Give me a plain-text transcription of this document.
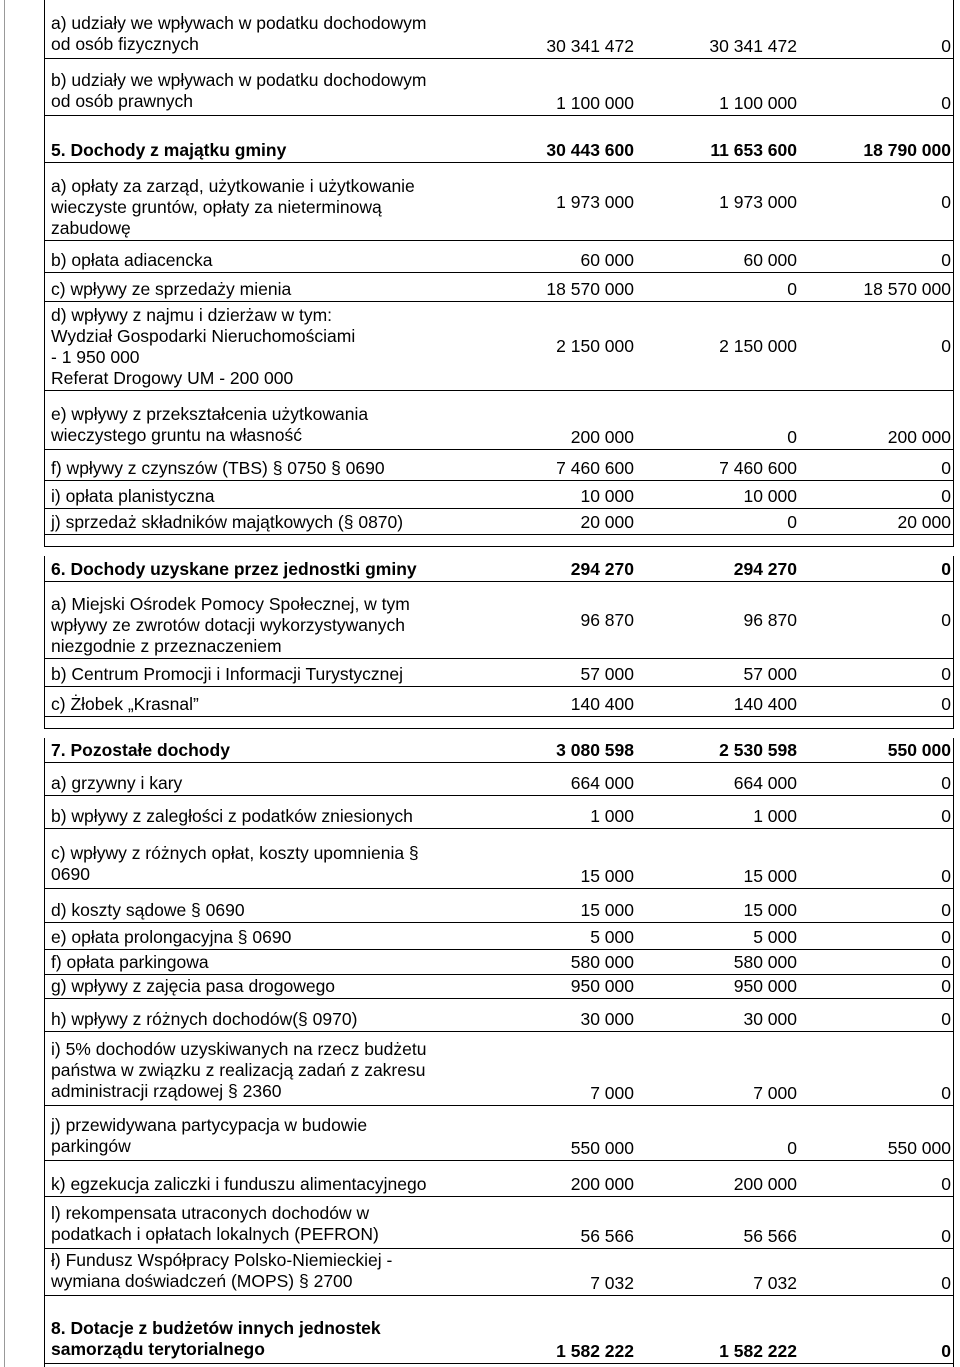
a) udziały we wpływach w podatku dochodowym
od osób fizycznych	30 341 472	30 341 472	0
b) udziały we wpływach w podatku dochodowym
od osób prawnych	1 100 000	1 100 000	0
5. Dochody z majątku gminy	30 443 600	11 653 600	18 790 000
a) opłaty za zarząd, użytkowanie i użytkowanie
wieczyste gruntów, opłaty za nieterminową
zabudowę
1 973 000	1 973 000	0
b) opłata adiacencka	60 000	60 000	0
c) wpływy ze sprzedaży mienia	18 570 000	0	18 570 000
d) wpływy z najmu i dzierżaw w tym:
Wydział Gospodarki Nieruchomościami
- 1 950 000
Referat Drogowy UM - 200 000
2 150 000	2 150 000	0
e) wpływy z przekształcenia użytkowania
wieczystego gruntu na własność	200 000	0	200 000
f) wpływy z czynszów (TBS) § 0750 § 0690	7 460 600	7 460 600	0
i) opłata planistyczna	10 000	10 000	0
j) sprzedaż składników majątkowych (§ 0870)	20 000	0	20 000
6. Dochody uzyskane przez jednostki gminy	294 270	294 270	0
a) Miejski Ośrodek Pomocy Społecznej, w tym
wpływy ze zwrotów dotacji wykorzystywanych
niezgodnie z przeznaczeniem
96 870	96 870	0
b) Centrum Promocji i Informacji Turystycznej	57 000	57 000	0
c) Żłobek „Krasnal”	140 400	140 400	0
7. Pozostałe dochody	3 080 598	2 530 598	550 000
a) grzywny i kary	664 000	664 000	0
b) wpływy z zaległości z podatków zniesionych	1 000	1 000	0
c) wpływy z różnych opłat, koszty upomnienia §
0690	15 000	15 000	0
d) koszty sądowe § 0690	15 000	15 000	0
e) opłata prolongacyjna § 0690	5 000	5 000	0
f) opłata parkingowa	580 000	580 000	0
g) wpływy z zajęcia pasa drogowego	950 000	950 000	0
h) wpływy z różnych dochodów(§ 0970)	30 000	30 000	0
i) 5% dochodów uzyskiwanych na rzecz budżetu
państwa w związku z realizacją zadań z zakresu
administracji rządowej § 2360	7 000	7 000	0
j) przewidywana partycypacja w budowie
parkingów	550 000	0	550 000
k) egzekucja zaliczki i funduszu alimentacyjnego	200 000	200 000	0
l) rekompensata utraconych dochodów w
podatkach i opłatach lokalnych (PEFRON)	56 566	56 566	0
ł) Fundusz Współpracy Polsko-Niemieckiej -
wymiana doświadczeń (MOPS) § 2700	7 032	7 032	0
8. Dotacje z budżetów innych jednostek
samorządu terytorialnego	1 582 222	1 582 222	0
